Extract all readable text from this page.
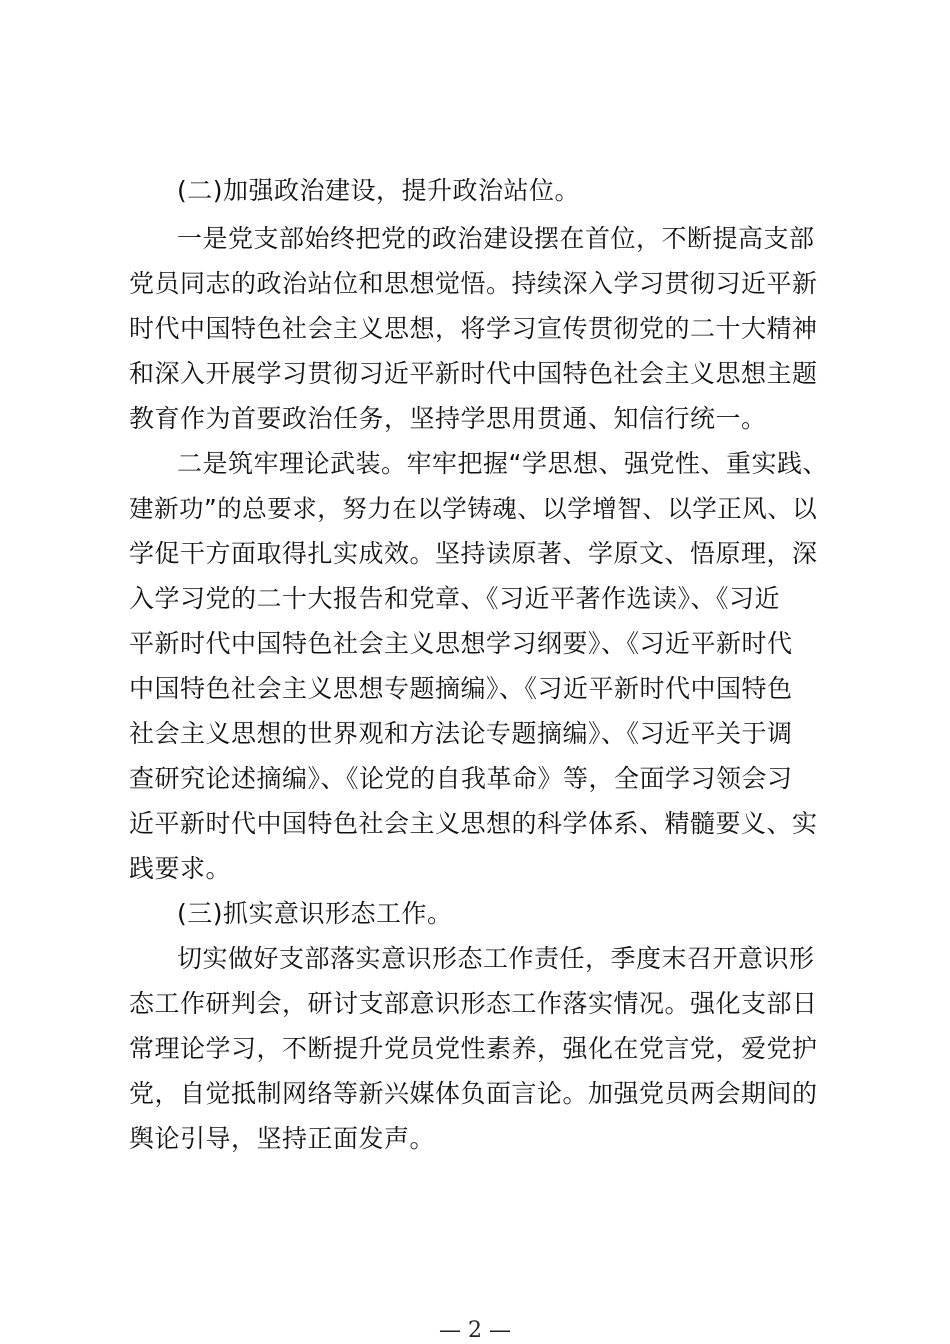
(二)加强政治建设，提升政治站位。
一是党支部始终把党的政治建设摆在首位，不断提高支部
党员同志的政治站位和思想觉悟。持续深入学习贯彻习近平新
时代中国特色社会主义思想，将学习宣传贯彻党的二十大精神
和深入开展学习贯彻习近平新时代中国特色社会主义思想主题
教育作为首要政治任务，坚持学思用贯通、知信行统一。
二是筑牢理论武装。牢牢把握“学思想、强党性、重实践、
建新功”的总要求，努力在以学铸魂、以学增智、以学正风、以
学促干方面取得扎实成效。坚持读原著、学原文、悟原理，深
入学习党的二十大报告和党章、《习近平著作选读》、《习近
平新时代中国特色社会主义思想学习纲要》、《习近平新时代
中国特色社会主义思想专题摘编》、《习近平新时代中国特色
社会主义思想的世界观和方法论专题摘编》、《习近平关于调
查研究论述摘编》、《论党的自我革命》等，全面学习领会习
近平新时代中国特色社会主义思想的科学体系、精髓要义、实
践要求。
(三)抓实意识形态工作。
切实做好支部落实意识形态工作责任，季度末召开意识形
态工作研判会，研讨支部意识形态工作落实情况。强化支部日
常理论学习，不断提升党员党性素养，强化在党言党，爱党护
党，自觉抵制网络等新兴媒体负面言论。加强党员两会期间的
舆论引导，坚持正面发声。
— 2 —
